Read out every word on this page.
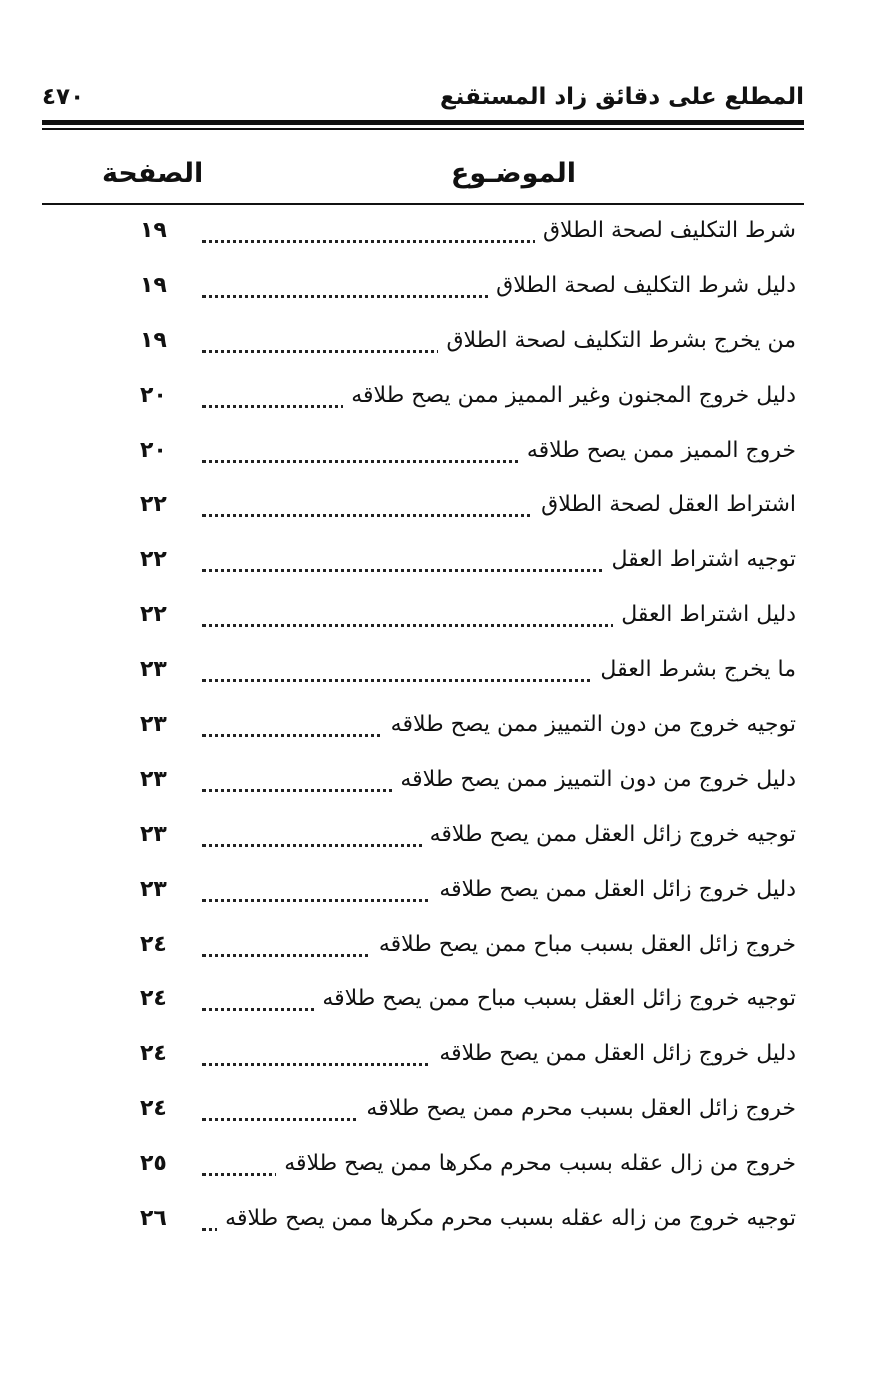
المطلع على دقائق زاد المستقنع
٤٧٠
الموضـوع
الصفحة
شرط التكليف لصحة الطلاق
١٩
دليل شرط التكليف لصحة الطلاق
١٩
من يخرج بشرط التكليف لصحة الطلاق
١٩
دليل خروج المجنون وغير المميز ممن يصح طلاقه
٢٠
خروج المميز ممن يصح طلاقه
٢٠
اشتراط العقل لصحة الطلاق
٢٢
توجيه اشتراط العقل
٢٢
دليل اشتراط العقل
٢٢
ما يخرج بشرط العقل
٢٣
توجيه خروج من دون التمييز ممن يصح طلاقه
٢٣
دليل خروج من دون التمييز ممن يصح طلاقه
٢٣
توجيه خروج زائل العقل ممن يصح طلاقه
٢٣
دليل خروج زائل العقل ممن يصح طلاقه
٢٣
خروج زائل العقل بسبب مباح ممن يصح طلاقه
٢٤
توجيه خروج زائل العقل بسبب مباح ممن يصح طلاقه
٢٤
دليل خروج زائل العقل ممن يصح طلاقه
٢٤
خروج زائل العقل بسبب محرم ممن يصح طلاقه
٢٤
خروج من زال عقله بسبب محرم مكرها ممن يصح طلاقه
٢٥
توجيه خروج من زاله عقله بسبب محرم مكرها ممن يصح طلاقه
٢٦
